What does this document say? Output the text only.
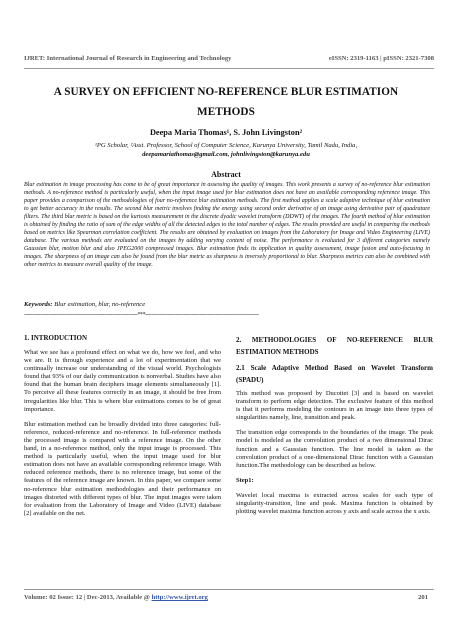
IJRET: International Journal of Research in Engineering and Technology	eISSN: 2319-1163 | pISSN: 2321-7308
A SURVEY ON EFFICIENT NO-REFERENCE BLUR ESTIMATION METHODS
Deepa Maria Thomas¹, S. John Livingston²
¹PG Scholar, ²Asst. Professor, School of Computer Science, Karunya University, Tamil Nadu, India,
deepamariathomas@gmail.com, johnlivingston@karunya.edu
Abstract
Blur estimation in image processing has come to be of great importance in assessing the quality of images. This work presents a survey of no-reference blur estimation methods. A no-reference method is particularly useful, when the input image used for blur estimation does not have an available corresponding reference image. This paper provides a comparison of the methodologies of four no-reference blur estimation methods. The first method applies a scale adaptive technique of blur estimation to get better accuracy in the results. The second blur metric involves finding the energy using second order derivative of an image using derivative pair of quadrature filters. The third blur metric is based on the kurtosis measurement in the discrete dyadic wavelet transform (DDWT) of the images. The fourth method of blur estimation is obtained by finding the ratio of sum of the edge widths of all the detected edges to the total number of edges. The results provided are useful in comparing the methods based on metrics like Spearman correlation coefficient. The results are obtained by evaluation on images from the Laboratory for Image and Video Engineering (LIVE) database. The various methods are evaluated on the images by adding varying content of noise. The performance is evaluated for 3 different categories namely Gaussian blur, motion blur and also JPEG2000 compressed images. Blur estimation finds its application in quality assessment, image fusion and auto-focusing in images. The sharpness of an image can also be found from the blur metric as sharpness is inversely proportional to blur. Sharpness metrics can also be combined with other metrics to measure overall quality of the image.
Keywords: Blur estimation, blur, no-reference
-----------------------------------------------------------------------***-----------------------------------------------------------------------
1. INTRODUCTION

What we see has a profound effect on what we do, how we feel, and who we are. It is through experience and a lot of experimentation that we continually increase our understanding of the visual world. Psychologists found that 93% of our daily communication is nonverbal. Studies have also found that the human brain deciphers image elements simultaneously [1]. To perceive all these features correctly in an image, it should be free from irregularities like blur. This is where blur estimations comes to be of great importance.

Blur estimation method can be broadly divided into three categories: full-reference, reduced-reference and no-reference. In full-reference methods the processed image is compared with a reference image. On the other hand, in a no-reference method, only the input image is processed. This method is particularly useful, when the input image used for blur estimation does not have an available corresponding reference image. With reduced reference methods, there is no reference image, but some of the features of the reference image are known. In this paper, we compare some no-reference blur estimation methodologies and their performance on images distorted with different types of blur. The input images were taken for evaluation from the Laboratory of Image and Video (LIVE) database [2] available on the net.

2. METHODOLOGIES OF NO-REFERENCE BLUR ESTIMATION METHODS
2.1 Scale Adaptive Method Based on Wavelet Transform (SPADU)

This method was proposed by Ducottet [3] and is based on wavelet transform to perform edge detection. The exclusive feature of this method is that it performs modeling the contours in an image into three types of singularities namely, line, transition and peak.

The transition edge corresponds to the boundaries of the image. The peak model is modeled as the convolution product of a two dimensional Dirac function and a Gaussian function. The line model is taken as the convolution product of a one-dimensional Dirac function with a Gaussian function.The methodology can be described as below.

Step1:

Wavelet local maxima is extracted across scales for each type of singularity-transition, line and peak. Maxima function is obtained by plotting wavelet maxima function across y axis and scale across the x axis.

Volume: 02 Issue: 12 | Dec-2013, Available @ http://www.ijret.org	201
